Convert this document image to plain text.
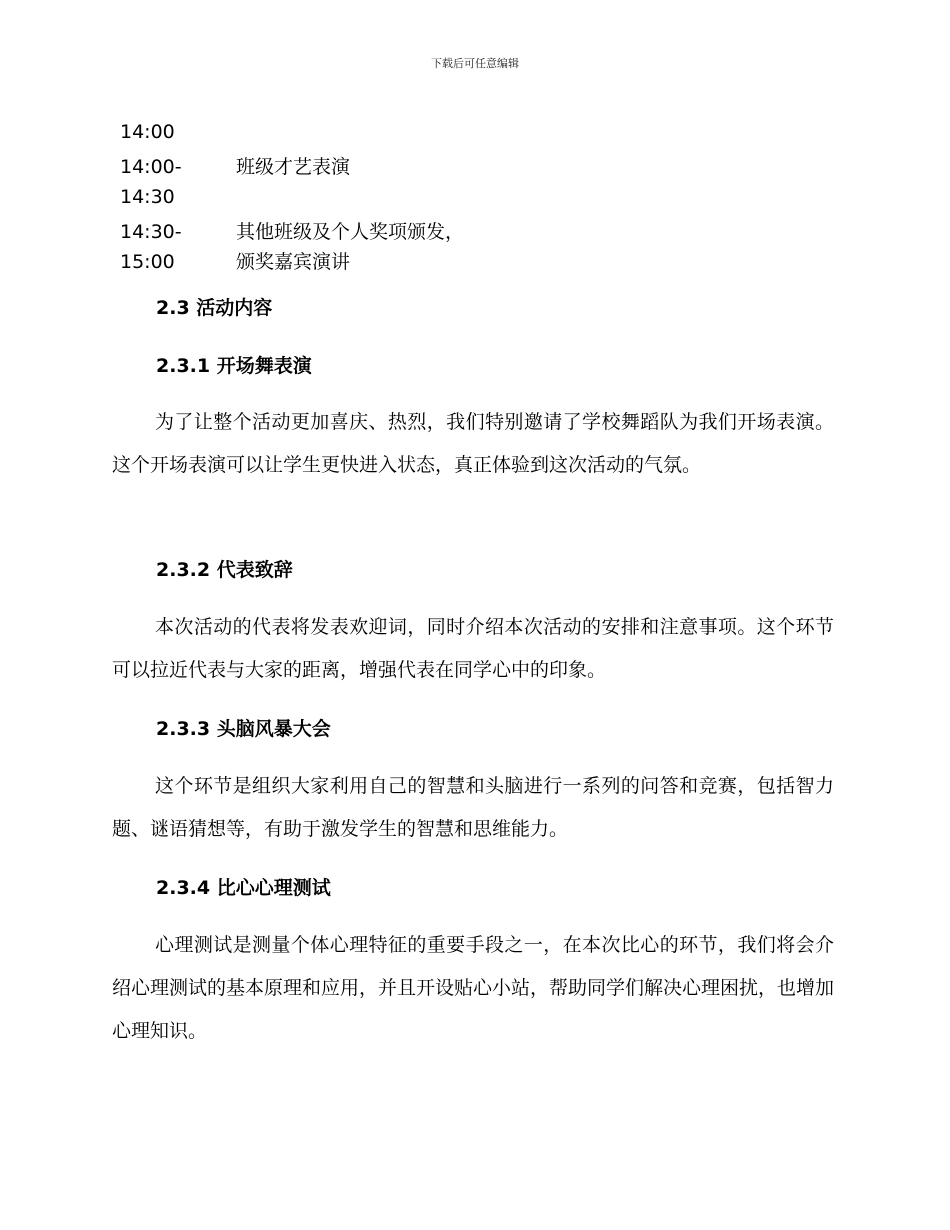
下载后可任意编辑
14:00
14:00-
14:30
班级才艺表演
14:30-
15:00
其他班级及个人奖项颁发，颁奖嘉宾演讲
2.3 活动内容
2.3.1 开场舞表演
为了让整个活动更加喜庆、热烈，我们特别邀请了学校舞蹈队为我们开场表演。这个开场表演可以让学生更快进入状态，真正体验到这次活动的气氛。
2.3.2 代表致辞
本次活动的代表将发表欢迎词，同时介绍本次活动的安排和注意事项。这个环节可以拉近代表与大家的距离，增强代表在同学心中的印象。
2.3.3 头脑风暴大会
这个环节是组织大家利用自己的智慧和头脑进行一系列的问答和竞赛，包括智力题、谜语猜想等，有助于激发学生的智慧和思维能力。
2.3.4 比心心理测试
心理测试是测量个体心理特征的重要手段之一，在本次比心的环节，我们将会介绍心理测试的基本原理和应用，并且开设贴心小站，帮助同学们解决心理困扰，也增加心理知识。
